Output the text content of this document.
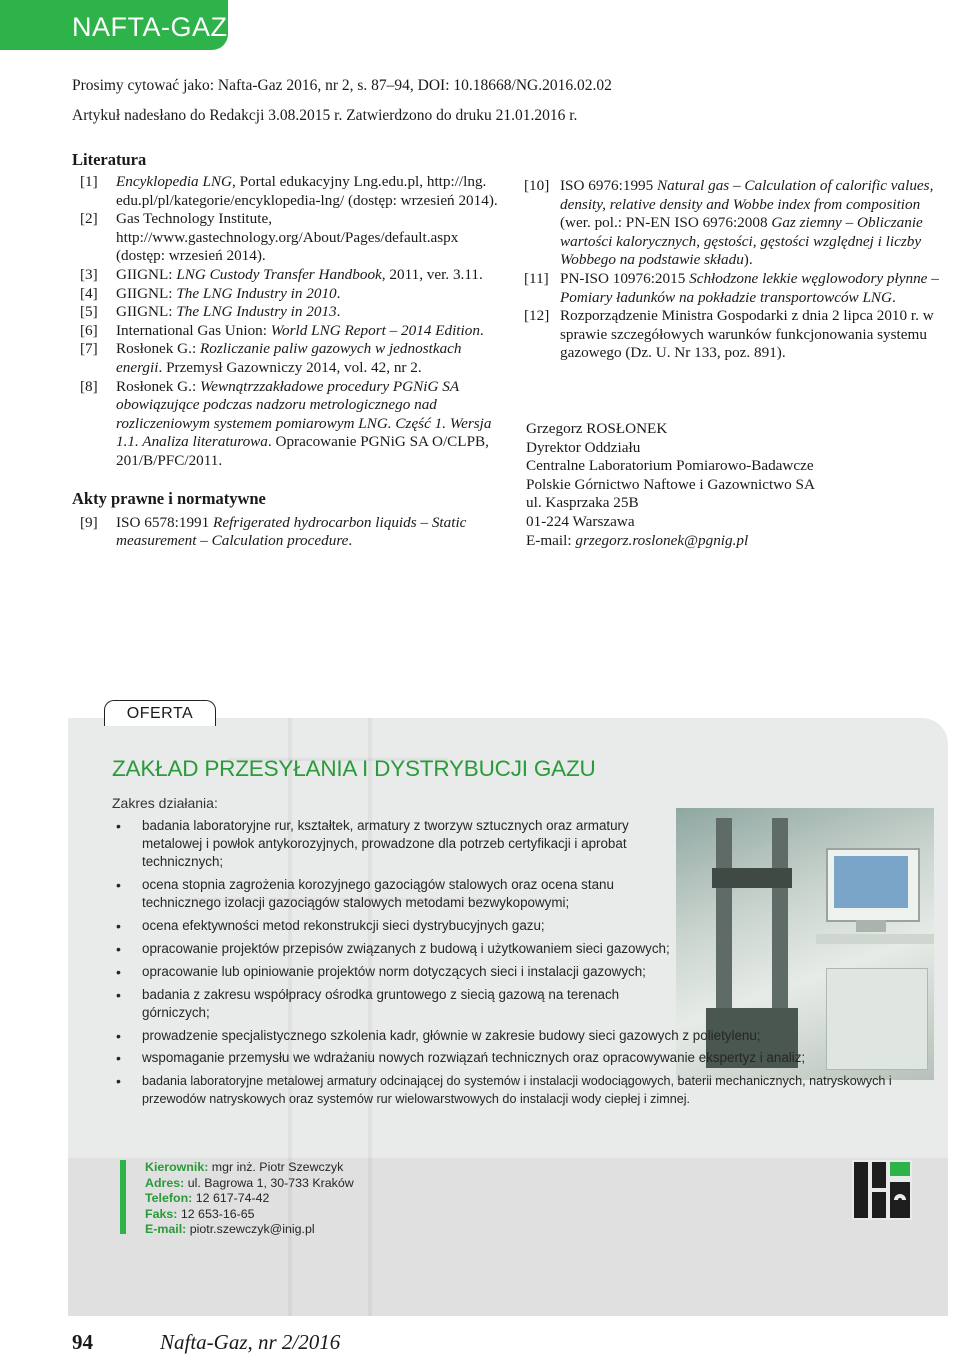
NAFTA-GAZ
Prosimy cytować jako: Nafta-Gaz 2016, nr 2, s. 87–94, DOI: 10.18668/NG.2016.02.02
Artykuł nadesłano do Redakcji 3.08.2015 r. Zatwierdzono do druku 21.01.2016 r.
Literatura
[1] Encyklopedia LNG, Portal edukacyjny Lng.edu.pl, http://lng. edu.pl/pl/kategorie/encyklopedia-lng/ (dostęp: wrzesień 2014).
[2] Gas Technology Institute, http://www.gastechnology.org/About/Pages/default.aspx (dostęp: wrzesień 2014).
[3] GIIGNL: LNG Custody Transfer Handbook, 2011, ver. 3.11.
[4] GIIGNL: The LNG Industry in 2010.
[5] GIIGNL: The LNG Industry in 2013.
[6] International Gas Union: World LNG Report – 2014 Edition.
[7] Rosłonek G.: Rozliczanie paliw gazowych w jednostkach energii. Przemysł Gazowniczy 2014, vol. 42, nr 2.
[8] Rosłonek G.: Wewnątrzzakładowe procedury PGNiG SA obowiązujące podczas nadzoru metrologicznego nad rozliczeniowym systemem pomiarowym LNG. Część 1. Wersja 1.1. Analiza literaturowa. Opracowanie PGNiG SA O/CLPB, 201/B/PFC/2011.
Akty prawne i normatywne
[9] ISO 6578:1991 Refrigerated hydrocarbon liquids – Static measurement – Calculation procedure.
[10] ISO 6976:1995 Natural gas – Calculation of calorific values, density, relative density and Wobbe index from composition (wer. pol.: PN-EN ISO 6976:2008 Gaz ziemny – Obliczanie wartości kalorycznych, gęstości, gęstości względnej i liczby Wobbego na podstawie składu).
[11] PN-ISO 10976:2015 Schłodzone lekkie węglowodory płynne – Pomiary ładunków na pokładzie transportowców LNG.
[12] Rozporządzenie Ministra Gospodarki z dnia 2 lipca 2010 r. w sprawie szczegółowych warunków funkcjonowania systemu gazowego (Dz. U. Nr 133, poz. 891).
Grzegorz ROSŁONEK
Dyrektor Oddziału
Centralne Laboratorium Pomiarowo-Badawcze
Polskie Górnictwo Naftowe i Gazownictwo SA
ul. Kasprzaka 25B
01-224 Warszawa
E-mail: grzegorz.roslonek@pgnig.pl
OFERTA
ZAKŁAD PRZESYŁANIA I DYSTRYBUCJI GAZU
Zakres działania:
• badania laboratoryjne rur, kształtek, armatury z tworzyw sztucznych oraz armatury metalowej i powłok antykorozyjnych, prowadzone dla potrzeb certyfikacji i aprobat technicznych;
• ocena stopnia zagrożenia korozyjnego gazociągów stalowych oraz ocena stanu technicznego izolacji gazociągów stalowych metodami bezwykopowymi;
• ocena efektywności metod rekonstrukcji sieci dystrybucyjnych gazu;
• opracowanie projektów przepisów związanych z budową i użytkowaniem sieci gazowych;
• opracowanie lub opiniowanie projektów norm dotyczących sieci i instalacji gazowych;
• badania z zakresu współpracy ośrodka gruntowego z siecią gazową na terenach górniczych;
• prowadzenie specjalistycznego szkolenia kadr, głównie w zakresie budowy sieci gazowych z polietylenu;
• wspomaganie przemysłu we wdrażaniu nowych rozwiązań technicznych oraz opracowywanie ekspertyz i analiz;
• badania laboratoryjne metalowej armatury odcinającej do systemów i instalacji wodociągowych, baterii mechanicznych, natryskowych i przewodów natryskowych oraz systemów rur wielowarstwowych do instalacji wody ciepłej i zimnej.
Kierownik: mgr inż. Piotr Szewczyk
Adres: ul. Bagrowa 1, 30-733 Kraków
Telefon: 12 617-74-42
Faks: 12 653-16-65
E-mail: piotr.szewczyk@inig.pl
94	Nafta-Gaz, nr 2/2016
